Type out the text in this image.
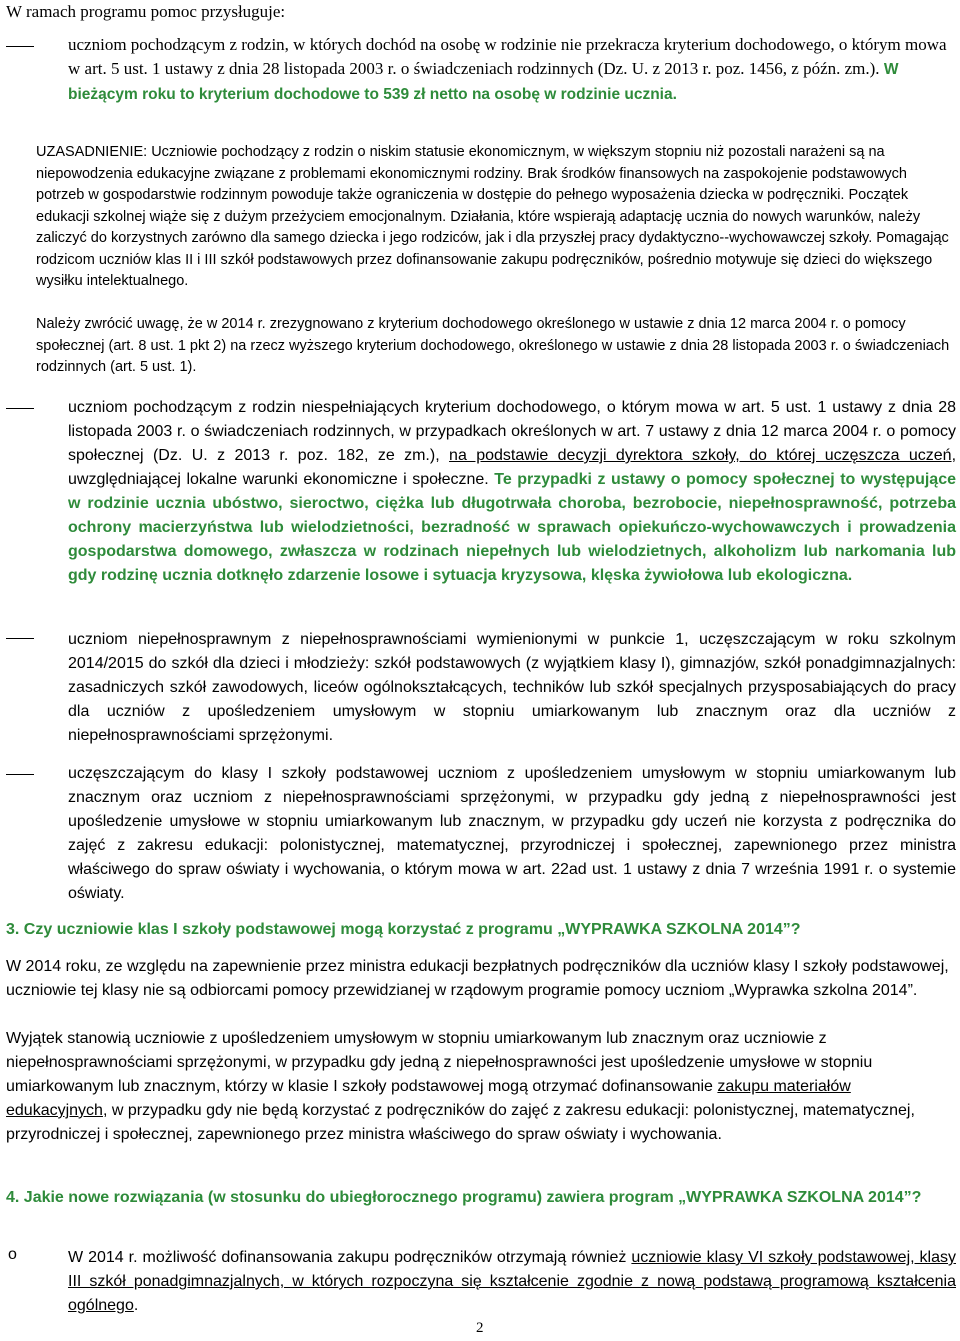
W ramach programu pomoc przysługuje:
uczniom pochodzącym z rodzin, w których dochód na osobę w rodzinie nie przekracza kryterium dochodowego, o którym mowa w art. 5 ust. 1 ustawy z dnia 28 listopada 2003 r. o świadczeniach rodzinnych (Dz. U. z 2013 r. poz. 1456, z późn. zm.). W bieżącym roku to kryterium dochodowe to 539 zł netto na osobę w rodzinie ucznia.
UZASADNIENIE: Uczniowie pochodzący z rodzin o niskim statusie ekonomicznym, w większym stopniu niż pozostali narażeni są na niepowodzenia edukacyjne związane z problemami ekonomicznymi rodziny. Brak środków finansowych na zaspokojenie podstawowych potrzeb w gospodarstwie rodzinnym powoduje także ograniczenia w dostępie do pełnego wyposażenia dziecka w podręczniki. Początek edukacji szkolnej wiąże się z dużym przeżyciem emocjonalnym. Działania, które wspierają adaptację ucznia do nowych warunków, należy zaliczyć do korzystnych zarówno dla samego dziecka i jego rodziców, jak i dla przyszłej pracy dydaktyczno--wychowawczej szkoły. Pomagając rodzicom uczniów klas II i III szkół podstawowych przez dofinansowanie zakupu podręczników, pośrednio motywuje się dzieci do większego wysiłku intelektualnego.
Należy zwrócić uwagę, że w 2014 r. zrezygnowano z kryterium dochodowego określonego w ustawie z dnia 12 marca 2004 r. o pomocy społecznej (art. 8 ust. 1 pkt 2) na rzecz wyższego kryterium dochodowego, określonego w ustawie z dnia 28 listopada 2003 r. o świadczeniach rodzinnych (art. 5 ust. 1).
uczniom pochodzącym z rodzin niespełniających kryterium dochodowego, o którym mowa w art. 5 ust. 1 ustawy z dnia 28 listopada 2003 r. o świadczeniach rodzinnych, w przypadkach określonych w art. 7 ustawy z dnia 12 marca 2004 r. o pomocy społecznej (Dz. U. z 2013 r. poz. 182, ze zm.), na podstawie decyzji dyrektora szkoły, do której uczęszcza uczeń, uwzględniającej lokalne warunki ekonomiczne i społeczne. Te przypadki z ustawy o pomocy społecznej to występujące w rodzinie ucznia ubóstwo, sieroctwo, ciężka lub długotrwała choroba, bezrobocie, niepełnosprawność, potrzeba ochrony macierzyństwa lub wielodzietności, bezradność w sprawach opiekuńczo-wychowawczych i prowadzenia gospodarstwa domowego, zwłaszcza w rodzinach niepełnych lub wielodzietnych, alkoholizm lub narkomania lub gdy rodzinę ucznia dotknęło zdarzenie losowe i sytuacja kryzysowa, klęska żywiołowa lub ekologiczna.
uczniom niepełnosprawnym z niepełnosprawnościami wymienionymi w punkcie 1, uczęszczającym w roku szkolnym 2014/2015 do szkół dla dzieci i młodzieży: szkół podstawowych (z wyjątkiem klasy I), gimnazjów, szkół ponadgimnazjalnych: zasadniczych szkół zawodowych, liceów ogólnokształcących, techników lub szkół specjalnych przysposabiających do pracy dla uczniów z upośledzeniem umysłowym w stopniu umiarkowanym lub znacznym oraz dla uczniów z niepełnosprawnościami sprzężonymi.
uczęszczającym do klasy I szkoły podstawowej uczniom z upośledzeniem umysłowym w stopniu umiarkowanym lub znacznym oraz uczniom z niepełnosprawnościami sprzężonymi, w przypadku gdy jedną z niepełnosprawności jest upośledzenie umysłowe w stopniu umiarkowanym lub znacznym, w przypadku gdy uczeń nie korzysta z podręcznika do zajęć z zakresu edukacji: polonistycznej, matematycznej, przyrodniczej i społecznej, zapewnionego przez ministra właściwego do spraw oświaty i wychowania, o którym mowa w art. 22ad ust. 1 ustawy z dnia 7 września 1991 r. o systemie oświaty.
3. Czy uczniowie klas I szkoły podstawowej mogą korzystać z programu „WYPRAWKA SZKOLNA 2014”?
W 2014 roku, ze względu na zapewnienie przez ministra edukacji bezpłatnych podręczników dla uczniów klasy I szkoły podstawowej, uczniowie tej klasy nie są odbiorcami pomocy przewidzianej w rządowym programie pomocy uczniom „Wyprawka szkolna 2014”.
Wyjątek stanowią uczniowie z upośledzeniem umysłowym w stopniu umiarkowanym lub znacznym oraz uczniowie z niepełnosprawnościami sprzężonymi, w przypadku gdy jedną z niepełnosprawności jest upośledzenie umysłowe w stopniu umiarkowanym lub znacznym, którzy w klasie I szkoły podstawowej mogą otrzymać dofinansowanie zakupu materiałów edukacyjnych, w przypadku gdy nie będą korzystać z podręczników do zajęć z zakresu edukacji: polonistycznej, matematycznej, przyrodniczej i społecznej, zapewnionego przez ministra właściwego do spraw oświaty i wychowania.
4. Jakie nowe rozwiązania (w stosunku do ubiegłorocznego programu) zawiera program „WYPRAWKA SZKOLNA 2014”?
o	W 2014 r. możliwość dofinansowania zakupu podręczników otrzymają również uczniowie klasy VI szkoły podstawowej, klasy III szkół ponadgimnazjalnych, w których rozpoczyna się kształcenie zgodnie z nową podstawą programową kształcenia ogólnego.
2
